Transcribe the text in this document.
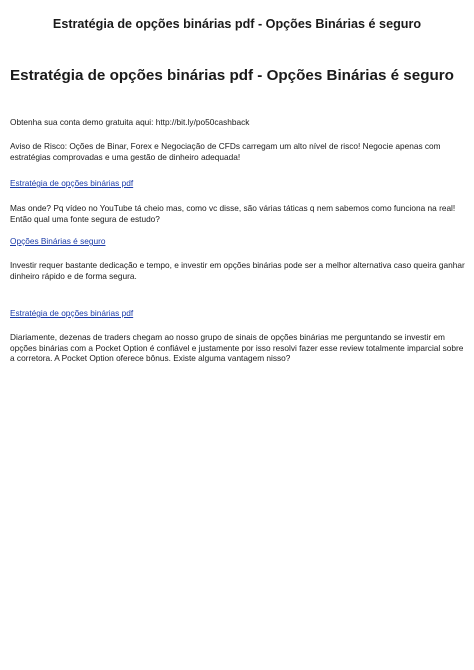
Estratégia de opções binárias pdf - Opções Binárias é seguro
Estratégia de opções binárias pdf - Opções Binárias é seguro
Obtenha sua conta demo gratuita aqui: http://bit.ly/po50cashback
Aviso de Risco: Oções de Binar, Forex e Negociação de CFDs carregam um alto nível de risco! Negocie apenas com estratégias comprovadas e uma gestão de dinheiro adequada!
Estratégia de opções binárias pdf
Mas onde? Pq vídeo no YouTube tá cheio mas, como vc disse, são várias táticas q nem sabemos como funciona na real! Então qual uma fonte segura de estudo?
Opções Binárias é seguro
Investir requer bastante dedicação e tempo, e investir em opções binárias pode ser a melhor alternativa caso queira ganhar dinheiro rápido e de forma segura.
Estratégia de opções binárias pdf
Diariamente, dezenas de traders chegam ao nosso grupo de sinais de opções binárias me perguntando se investir em opções binárias com a Pocket Option é confiável e justamente por isso resolvi fazer esse review totalmente imparcial sobre a corretora. A Pocket Option oferece bônus. Existe alguma vantagem nisso?
